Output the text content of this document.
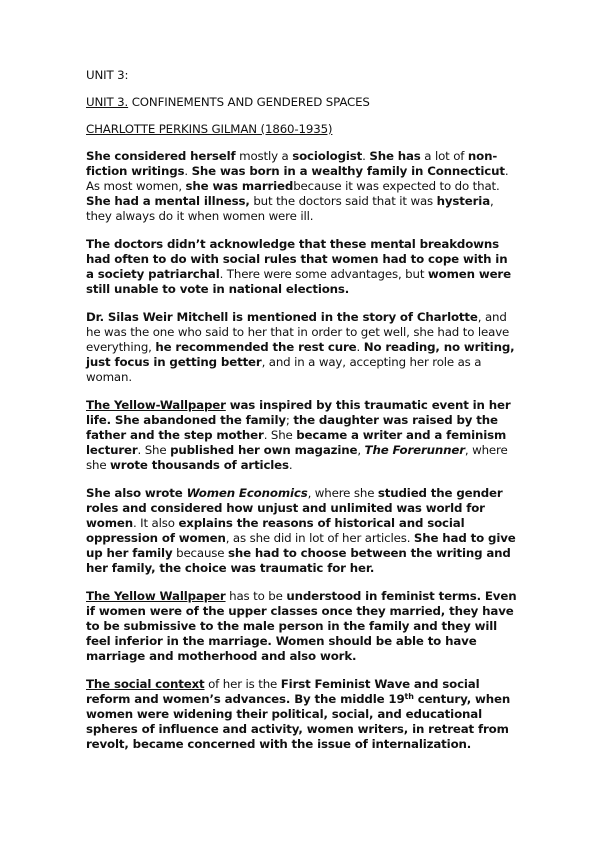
UNIT 3:

UNIT 3. CONFINEMENTS AND GENDERED SPACES

CHARLOTTE PERKINS GILMAN (1860-1935)

She considered herself mostly a sociologist. She has a lot of non-fiction writings. She was born in a wealthy family in Connecticut. As most women, she was marriedbecause it was expected to do that. She had a mental illness, but the doctors said that it was hysteria, they always do it when women were ill.

The doctors didn’t acknowledge that these mental breakdowns had often to do with social rules that women had to cope with in a society patriarchal. There were some advantages, but women were still unable to vote in national elections.

Dr. Silas Weir Mitchell is mentioned in the story of Charlotte, and he was the one who said to her that in order to get well, she had to leave everything, he recommended the rest cure. No reading, no writing, just focus in getting better, and in a way, accepting her role as a woman.

The Yellow-Wallpaper was inspired by this traumatic event in her life. She abandoned the family; the daughter was raised by the father and the step mother. She became a writer and a feminism lecturer. She published her own magazine, The Forerunner, where she wrote thousands of articles.

She also wrote Women Economics, where she studied the gender roles and considered how unjust and unlimited was world for women. It also explains the reasons of historical and social oppression of women, as she did in lot of her articles. She had to give up her family because she had to choose between the writing and her family, the choice was traumatic for her.

The Yellow Wallpaper has to be understood in feminist terms. Even if women were of the upper classes once they married, they have to be submissive to the male person in the family and they will feel inferior in the marriage. Women should be able to have marriage and motherhood and also work.

The social context of her is the First Feminist Wave and social reform and women’s advances. By the middle 19th century, when women were widening their political, social, and educational spheres of influence and activity, women writers, in retreat from revolt, became concerned with the issue of internalization.
